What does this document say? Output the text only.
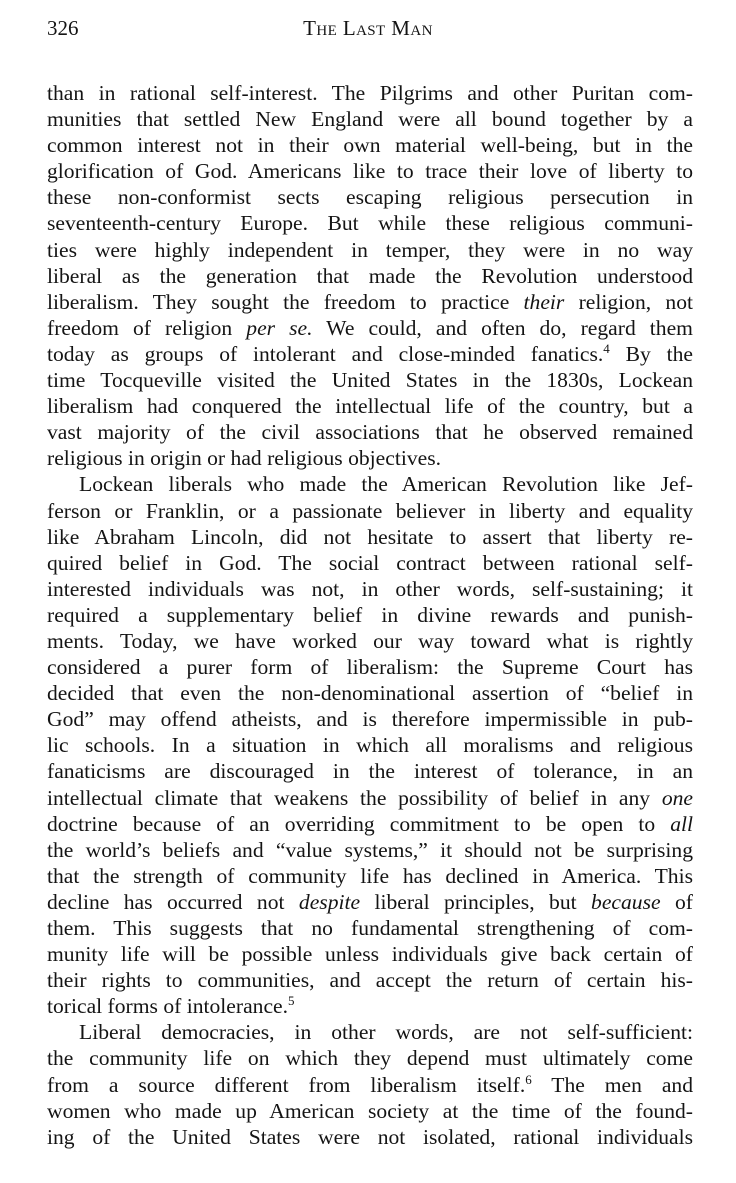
326	The Last Man
than in rational self-interest. The Pilgrims and other Puritan com-
munities that settled New England were all bound together by a
common interest not in their own material well-being, but in the
glorification of God. Americans like to trace their love of liberty to
these non-conformist sects escaping religious persecution in
seventeenth-century Europe. But while these religious communi-
ties were highly independent in temper, they were in no way
liberal as the generation that made the Revolution understood
liberalism. They sought the freedom to practice their religion, not
freedom of religion per se. We could, and often do, regard them
today as groups of intolerant and close-minded fanatics.$^4$ By the
time Tocqueville visited the United States in the 1830s, Lockean
liberalism had conquered the intellectual life of the country, but a
vast majority of the civil associations that he observed remained
religious in origin or had religious objectives.
Lockean liberals who made the American Revolution like Jef-
ferson or Franklin, or a passionate believer in liberty and equality
like Abraham Lincoln, did not hesitate to assert that liberty re-
quired belief in God. The social contract between rational self-
interested individuals was not, in other words, self-sustaining; it
required a supplementary belief in divine rewards and punish-
ments. Today, we have worked our way toward what is rightly
considered a purer form of liberalism: the Supreme Court has
decided that even the non-denominational assertion of “belief in
God” may offend atheists, and is therefore impermissible in pub-
lic schools. In a situation in which all moralisms and religious
fanaticisms are discouraged in the interest of tolerance, in an
intellectual climate that weakens the possibility of belief in any one
doctrine because of an overriding commitment to be open to all
the world’s beliefs and “value systems,” it should not be surprising
that the strength of community life has declined in America. This
decline has occurred not despite liberal principles, but because of
them. This suggests that no fundamental strengthening of com-
munity life will be possible unless individuals give back certain of
their rights to communities, and accept the return of certain his-
torical forms of intolerance.$^5$
Liberal democracies, in other words, are not self-sufficient:
the community life on which they depend must ultimately come
from a source different from liberalism itself.$^6$ The men and
women who made up American society at the time of the found-
ing of the United States were not isolated, rational individuals
